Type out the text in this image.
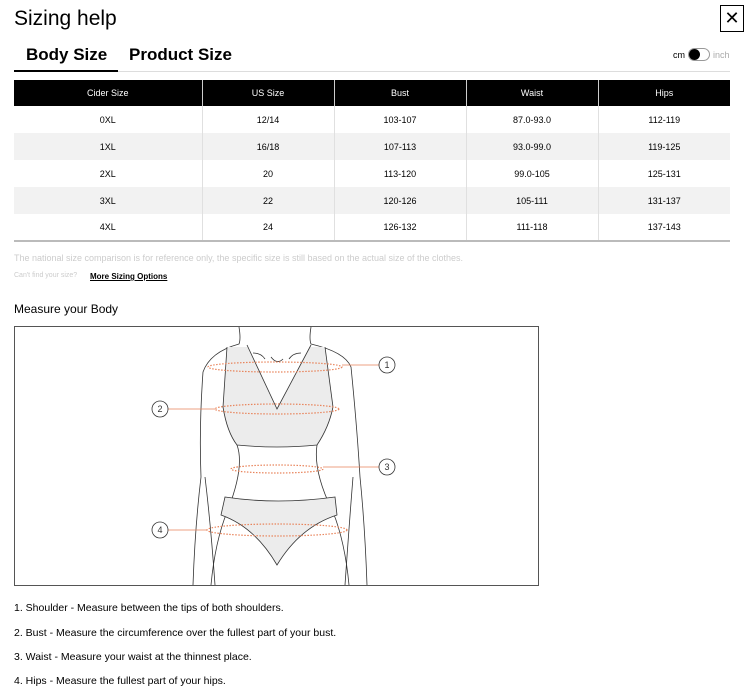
Sizing help	✕
Body Size Product Size	cm	inch
Cider Size	US Size	Bust	Waist	Hips
0XL	12/14	103-107	87.0-93.0	112-119
1XL	16/18	107-113	93.0-99.0	119-125
2XL	20	113-120	99.0-105	125-131
3XL	22	120-126	105-111	131-137
4XL	24	126-132	111-118	137-143
The national size comparison is for reference only, the specific size is still based on the actual size of the clothes.
Can't find your size? More Sizing Options
Measure your Body
1
2
3
4
1. Shoulder - Measure between the tips of both shoulders.
2. Bust - Measure the circumference over the fullest part of your bust.
3. Waist - Measure your waist at the thinnest place.
4. Hips - Measure the fullest part of your hips.
